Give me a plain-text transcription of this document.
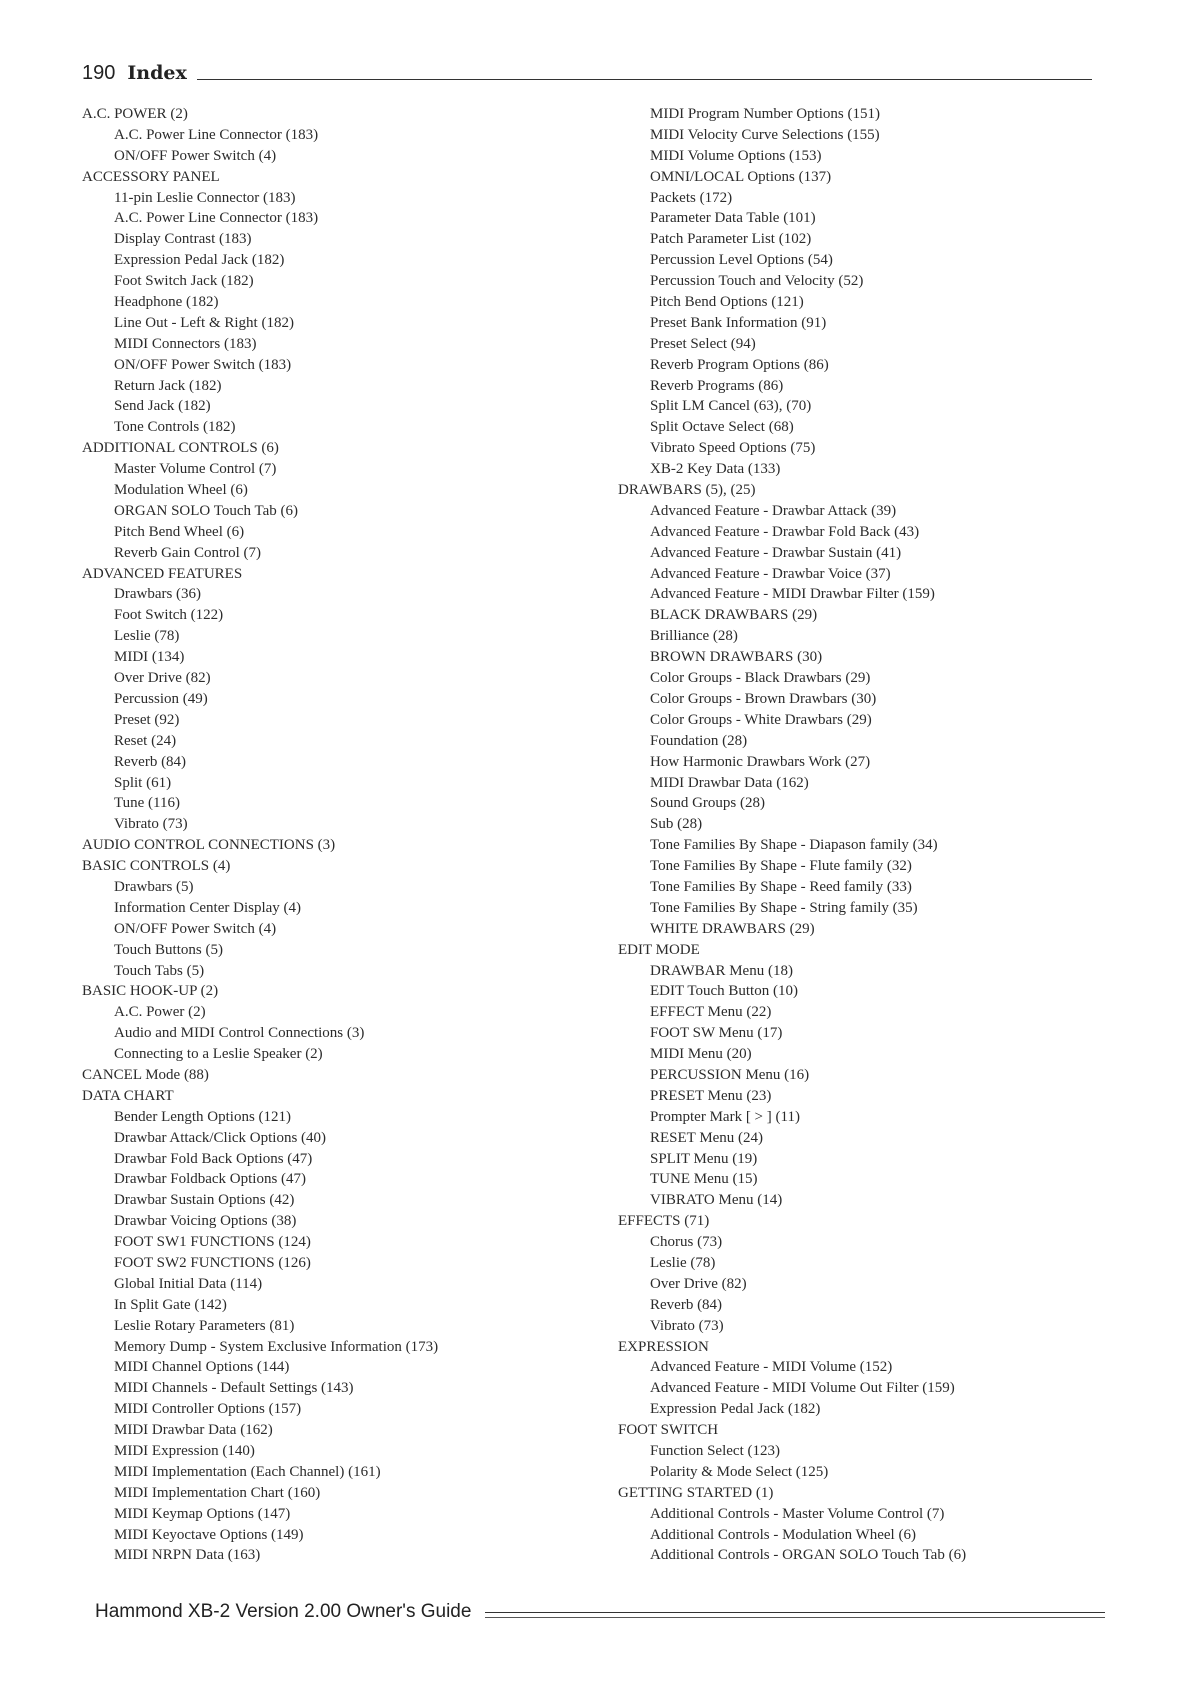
190 Index
A.C. POWER (2)
A.C. Power Line Connector (183)
ON/OFF Power Switch (4)
ACCESSORY PANEL
11-pin Leslie Connector (183)
A.C. Power Line Connector (183)
Display Contrast (183)
Expression Pedal Jack (182)
Foot Switch Jack (182)
Headphone (182)
Line Out - Left & Right (182)
MIDI Connectors (183)
ON/OFF Power Switch (183)
Return Jack (182)
Send Jack (182)
Tone Controls (182)
ADDITIONAL CONTROLS (6)
Master Volume Control (7)
Modulation Wheel (6)
ORGAN SOLO Touch Tab (6)
Pitch Bend Wheel (6)
Reverb Gain Control (7)
ADVANCED FEATURES
Drawbars (36)
Foot Switch (122)
Leslie (78)
MIDI (134)
Over Drive (82)
Percussion (49)
Preset (92)
Reset (24)
Reverb (84)
Split (61)
Tune (116)
Vibrato (73)
AUDIO CONTROL CONNECTIONS (3)
BASIC CONTROLS (4)
Drawbars (5)
Information Center Display (4)
ON/OFF Power Switch (4)
Touch Buttons (5)
Touch Tabs (5)
BASIC HOOK-UP (2)
A.C. Power (2)
Audio and MIDI Control Connections (3)
Connecting to a Leslie Speaker (2)
CANCEL Mode (88)
DATA CHART
Bender Length Options (121)
Drawbar Attack/Click Options (40)
Drawbar Fold Back Options (47)
Drawbar Foldback Options (47)
Drawbar Sustain Options (42)
Drawbar Voicing Options (38)
FOOT SW1 FUNCTIONS (124)
FOOT SW2 FUNCTIONS (126)
Global Initial Data (114)
In Split Gate (142)
Leslie Rotary Parameters (81)
Memory Dump - System Exclusive Information (173)
MIDI Channel Options (144)
MIDI Channels - Default Settings (143)
MIDI Controller Options (157)
MIDI Drawbar Data (162)
MIDI Expression (140)
MIDI Implementation (Each Channel) (161)
MIDI Implementation Chart (160)
MIDI Keymap Options (147)
MIDI Keyoctave Options (149)
MIDI NRPN Data (163)
MIDI Program Number Options (151)
MIDI Velocity Curve Selections (155)
MIDI Volume Options (153)
OMNI/LOCAL Options (137)
Packets (172)
Parameter Data Table (101)
Patch Parameter List (102)
Percussion Level Options (54)
Percussion Touch and Velocity (52)
Pitch Bend Options (121)
Preset Bank Information (91)
Preset Select (94)
Reverb Program Options (86)
Reverb Programs (86)
Split LM Cancel (63), (70)
Split Octave Select (68)
Vibrato Speed Options (75)
XB-2 Key Data (133)
DRAWBARS (5), (25)
Advanced Feature - Drawbar Attack (39)
Advanced Feature - Drawbar Fold Back (43)
Advanced Feature - Drawbar Sustain (41)
Advanced Feature - Drawbar Voice (37)
Advanced Feature - MIDI Drawbar Filter (159)
BLACK DRAWBARS (29)
Brilliance (28)
BROWN DRAWBARS (30)
Color Groups - Black Drawbars (29)
Color Groups - Brown Drawbars (30)
Color Groups - White Drawbars (29)
Foundation (28)
How Harmonic Drawbars Work (27)
MIDI Drawbar Data (162)
Sound Groups (28)
Sub (28)
Tone Families By Shape - Diapason family (34)
Tone Families By Shape - Flute family (32)
Tone Families By Shape - Reed family (33)
Tone Families By Shape - String family (35)
WHITE DRAWBARS (29)
EDIT MODE
DRAWBAR Menu (18)
EDIT Touch Button (10)
EFFECT Menu (22)
FOOT SW Menu (17)
MIDI Menu (20)
PERCUSSION Menu (16)
PRESET Menu (23)
Prompter Mark [ > ] (11)
RESET Menu (24)
SPLIT Menu (19)
TUNE Menu (15)
VIBRATO Menu (14)
EFFECTS (71)
Chorus (73)
Leslie (78)
Over Drive (82)
Reverb (84)
Vibrato (73)
EXPRESSION
Advanced Feature - MIDI Volume (152)
Advanced Feature - MIDI Volume Out Filter (159)
Expression Pedal Jack (182)
FOOT SWITCH
Function Select (123)
Polarity & Mode Select (125)
GETTING STARTED (1)
Additional Controls - Master Volume Control (7)
Additional Controls - Modulation Wheel (6)
Additional Controls - ORGAN SOLO Touch Tab (6)
Hammond XB-2 Version 2.00 Owner's Guide
